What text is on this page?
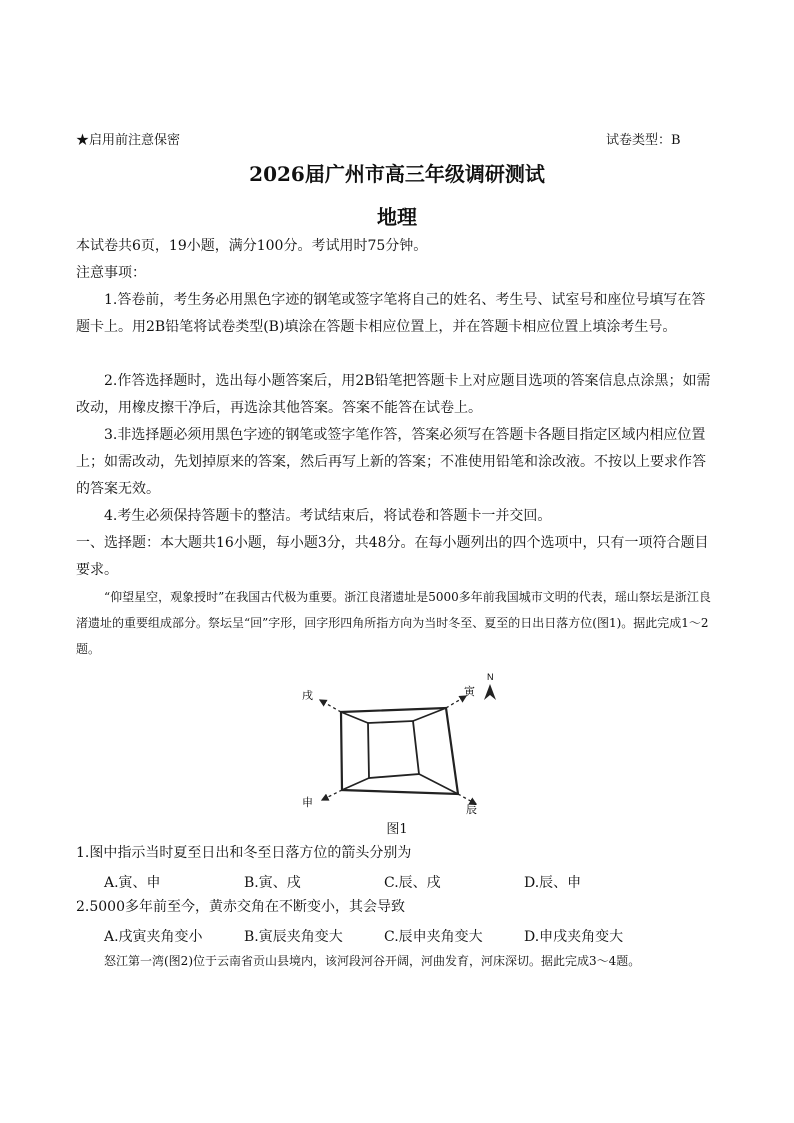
★启用前注意保密	试卷类型：B
2026届广州市高三年级调研测试
地理

本试卷共6页，19小题，满分100分。考试用时75分钟。

注意事项：

1.答卷前，考生务必用黑色字迹的钢笔或签字笔将自己的姓名、考生号、试室号和座位号填写在答题卡上。用2B铅笔将试卷类型(B)填涂在答题卡相应位置上，并在答题卡相应位置上填涂考生号。

2.作答选择题时，选出每小题答案后，用2B铅笔把答题卡上对应题目选项的答案信息点涂黑；如需改动，用橡皮擦干净后，再选涂其他答案。答案不能答在试卷上。

3.非选择题必须用黑色字迹的钢笔或签字笔作答，答案必须写在答题卡各题目指定区域内相应位置上；如需改动，先划掉原来的答案，然后再写上新的答案；不准使用铅笔和涂改液。不按以上要求作答的答案无效。

4.考生必须保持答题卡的整洁。考试结束后，将试卷和答题卡一并交回。

一、选择题：本大题共16小题，每小题3分，共48分。在每小题列出的四个选项中，只有一项符合题目要求。

“仰望星空，观象授时”在我国古代极为重要。浙江良渚遗址是5000多年前我国城市文明的代表，瑶山祭坛是浙江良渚遗址的重要组成部分。祭坛呈“回”字形，回字形四角所指方向为当时冬至、夏至的日出日落方位(图1)。据此完成1～2题。

戌	寅
申
辰
N
图1
1.图中指示当时夏至日出和冬至日落方位的箭头分别为
A.寅、申	B.寅、戌	C.辰、戌	D.辰、申
2.5000多年前至今，黄赤交角在不断变小，其会导致
A.戌寅夹角变小	B.寅辰夹角变大	C.辰申夹角变大	D.申戌夹角变大

怒江第一湾(图2)位于云南省贡山县境内，该河段河谷开阔，河曲发育，河床深切。据此完成3～4题。
